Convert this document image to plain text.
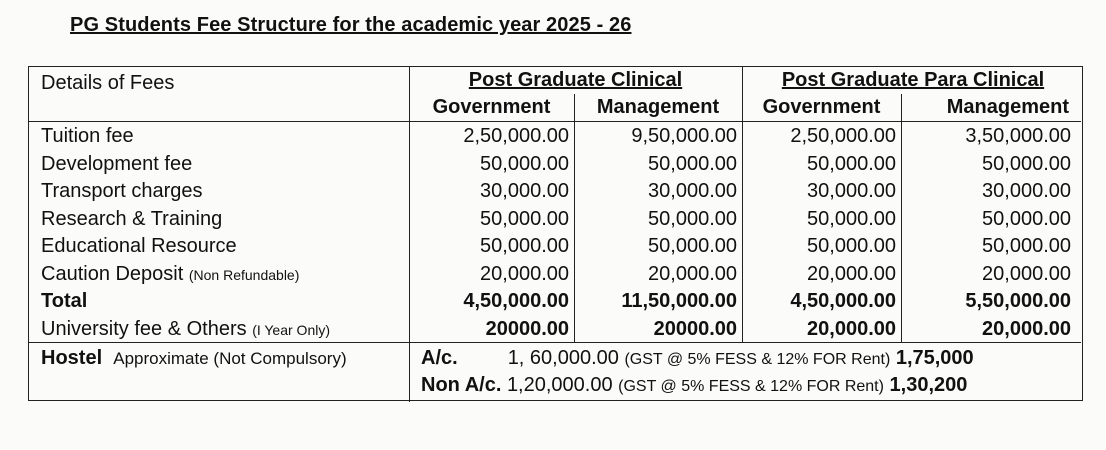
PG Students Fee Structure for the academic year 2025 - 26
Details of Fees	Post Graduate Clinical	Post Graduate Para Clinical
Government	Management	Government	Management
Tuition fee	2,50,000.00	9,50,000.00	2,50,000.00	3,50,000.00
Development fee	50,000.00	50,000.00	50,000.00	50,000.00
Transport charges	30,000.00	30,000.00	30,000.00	30,000.00
Research & Training	50,000.00	50,000.00	50,000.00	50,000.00
Educational Resource	50,000.00	50,000.00	50,000.00	50,000.00
Caution Deposit (Non Refundable)	20,000.00	20,000.00	20,000.00	20,000.00
Total	4,50,000.00	11,50,000.00	4,50,000.00	5,50,000.00
University fee & Others (I Year Only)	20000.00	20000.00	20,000.00	20,000.00
Hostel Approximate (Not Compulsory)	A/c.	1, 60,000.00 (GST @ 5% FESS & 12% FOR Rent) 1,75,000
Non A/c. 1,20,000.00 (GST @ 5% FESS & 12% FOR Rent) 1,30,200
